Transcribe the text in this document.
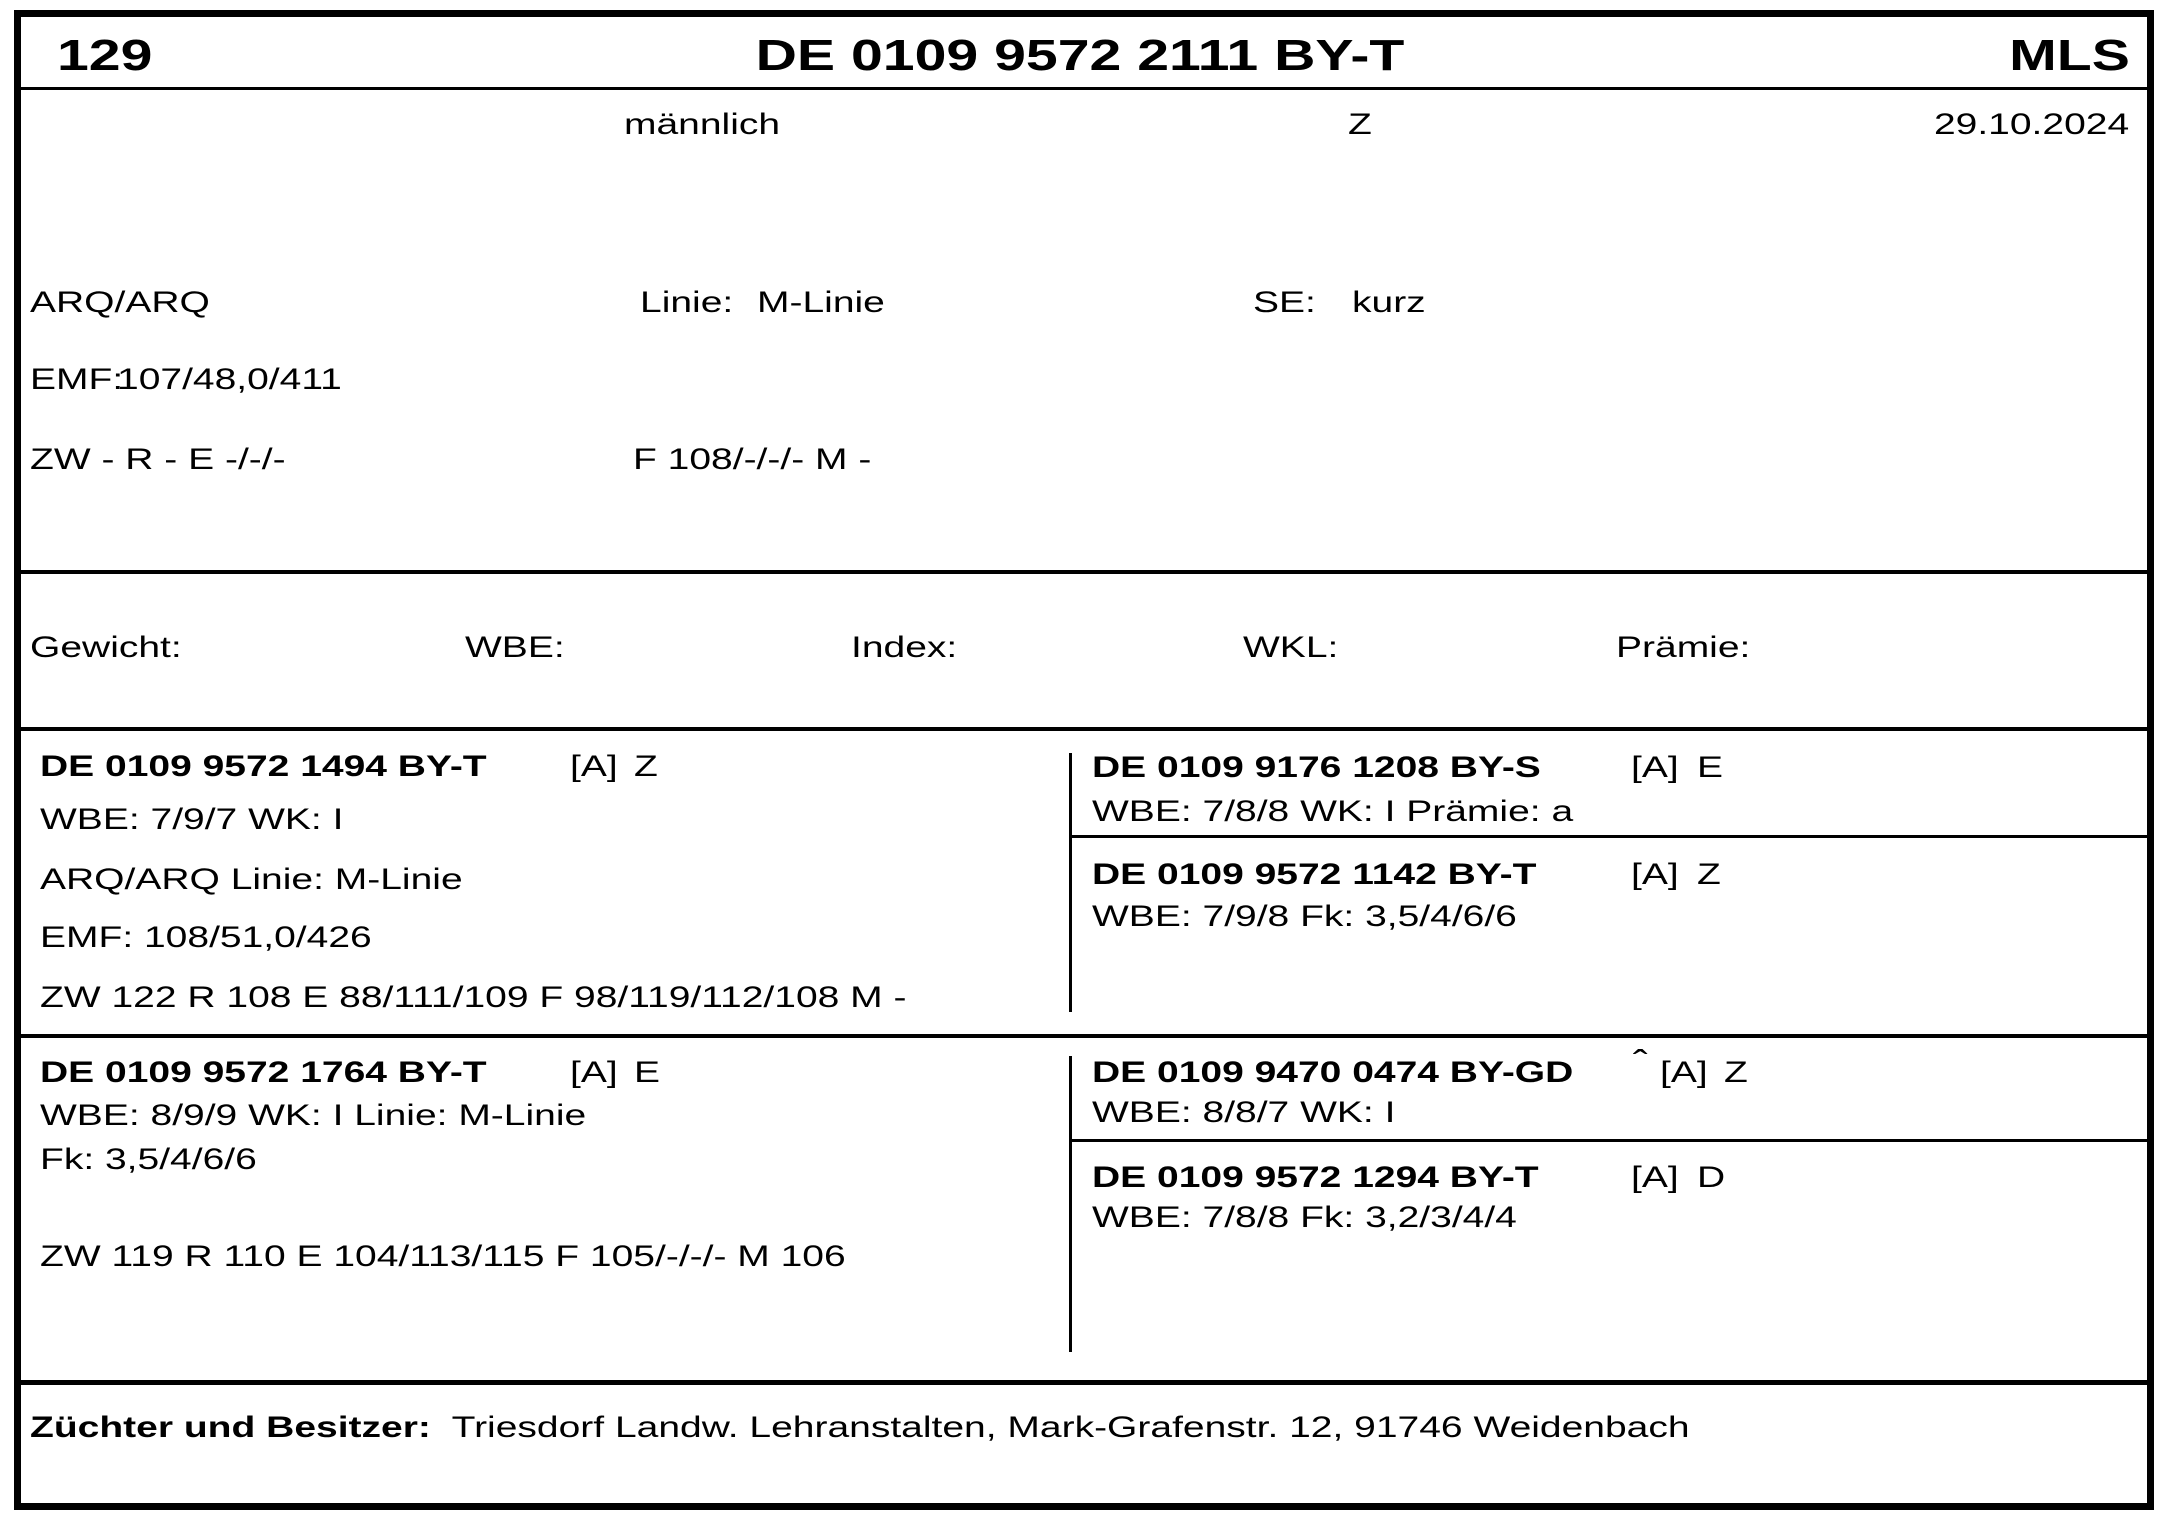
129	DE 0109 9572 2111 BY-T	MLS
männlich	Z	29.10.2024
ARQ/ARQ	Linie: M-Linie	SE: kurz
EMF:
107/48,0/411
ZW - R - E -/-/-	F 108/-/-/- M -
Gewicht:	WBE:	Index:	WKL:	Prämie:
DE 0109 9572 1494 BY-T	[A] Z
WBE: 7/9/7 WK: I
ARQ/ARQ Linie: M-Linie
EMF: 108/51,0/426
ZW 122 R 108 E 88/111/109 F 98/119/112/108 M -
DE 0109 9176 1208 BY-S	[A] E
WBE: 7/8/8 WK: I Prämie: a
DE 0109 9572 1142 BY-T	[A] Z
WBE: 7/9/8 Fk: 3,5/4/6/6
DE 0109 9572 1764 BY-T	[A] E
WBE: 8/9/9 WK: I Linie: M-Linie
Fk: 3,5/4/6/6
ZW 119 R 110 E 104/113/115 F 105/-/-/- M 106
DE 0109 9470 0474 BY-GD ˆ [A] Z
WBE: 8/8/7 WK: I
DE 0109 9572 1294 BY-T	[A] D
WBE: 7/8/8 Fk: 3,2/3/4/4
Züchter und Besitzer: Triesdorf Landw. Lehranstalten, Mark-Grafenstr. 12, 91746 Weidenbach
